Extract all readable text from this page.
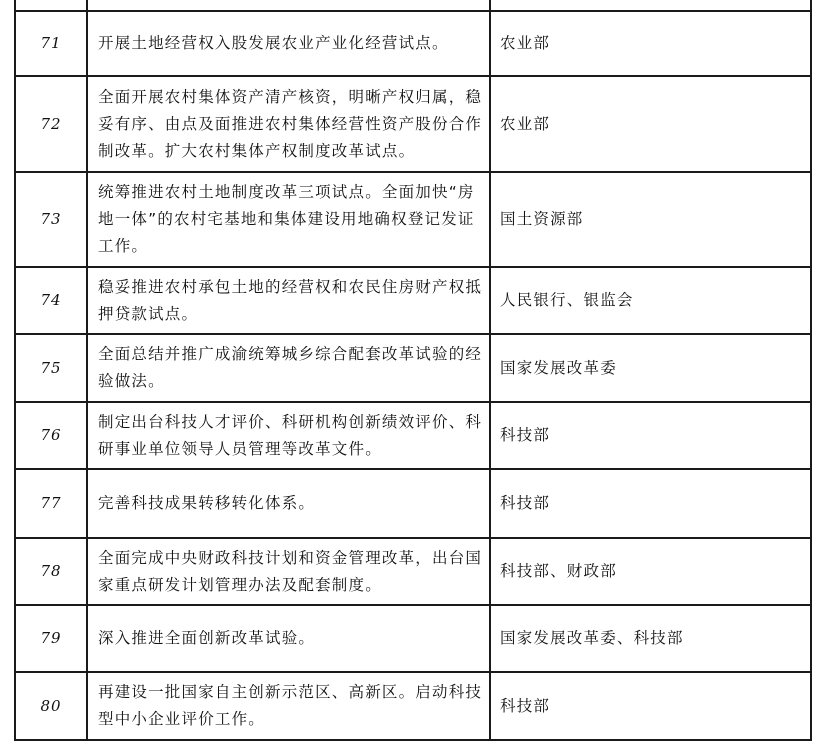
71	开展土地经营权入股发展农业产业化经营试点。	农业部
72	全面开展农村集体资产清产核资，明晰产权归属，稳妥有序、由点及面推进农村集体经营性资产股份合作制改革。扩大农村集体产权制度改革试点。	农业部
73	统筹推进农村土地制度改革三项试点。全面加快“房地一体”的农村宅基地和集体建设用地确权登记发证工作。	国土资源部
74	稳妥推进农村承包土地的经营权和农民住房财产权抵押贷款试点。	人民银行、银监会
75	全面总结并推广成渝统筹城乡综合配套改革试验的经验做法。	国家发展改革委
76	制定出台科技人才评价、科研机构创新绩效评价、科研事业单位领导人员管理等改革文件。	科技部
77	完善科技成果转移转化体系。	科技部
78	全面完成中央财政科技计划和资金管理改革，出台国家重点研发计划管理办法及配套制度。	科技部、财政部
79	深入推进全面创新改革试验。	国家发展改革委、科技部
80	再建设一批国家自主创新示范区、高新区。启动科技型中小企业评价工作。	科技部
